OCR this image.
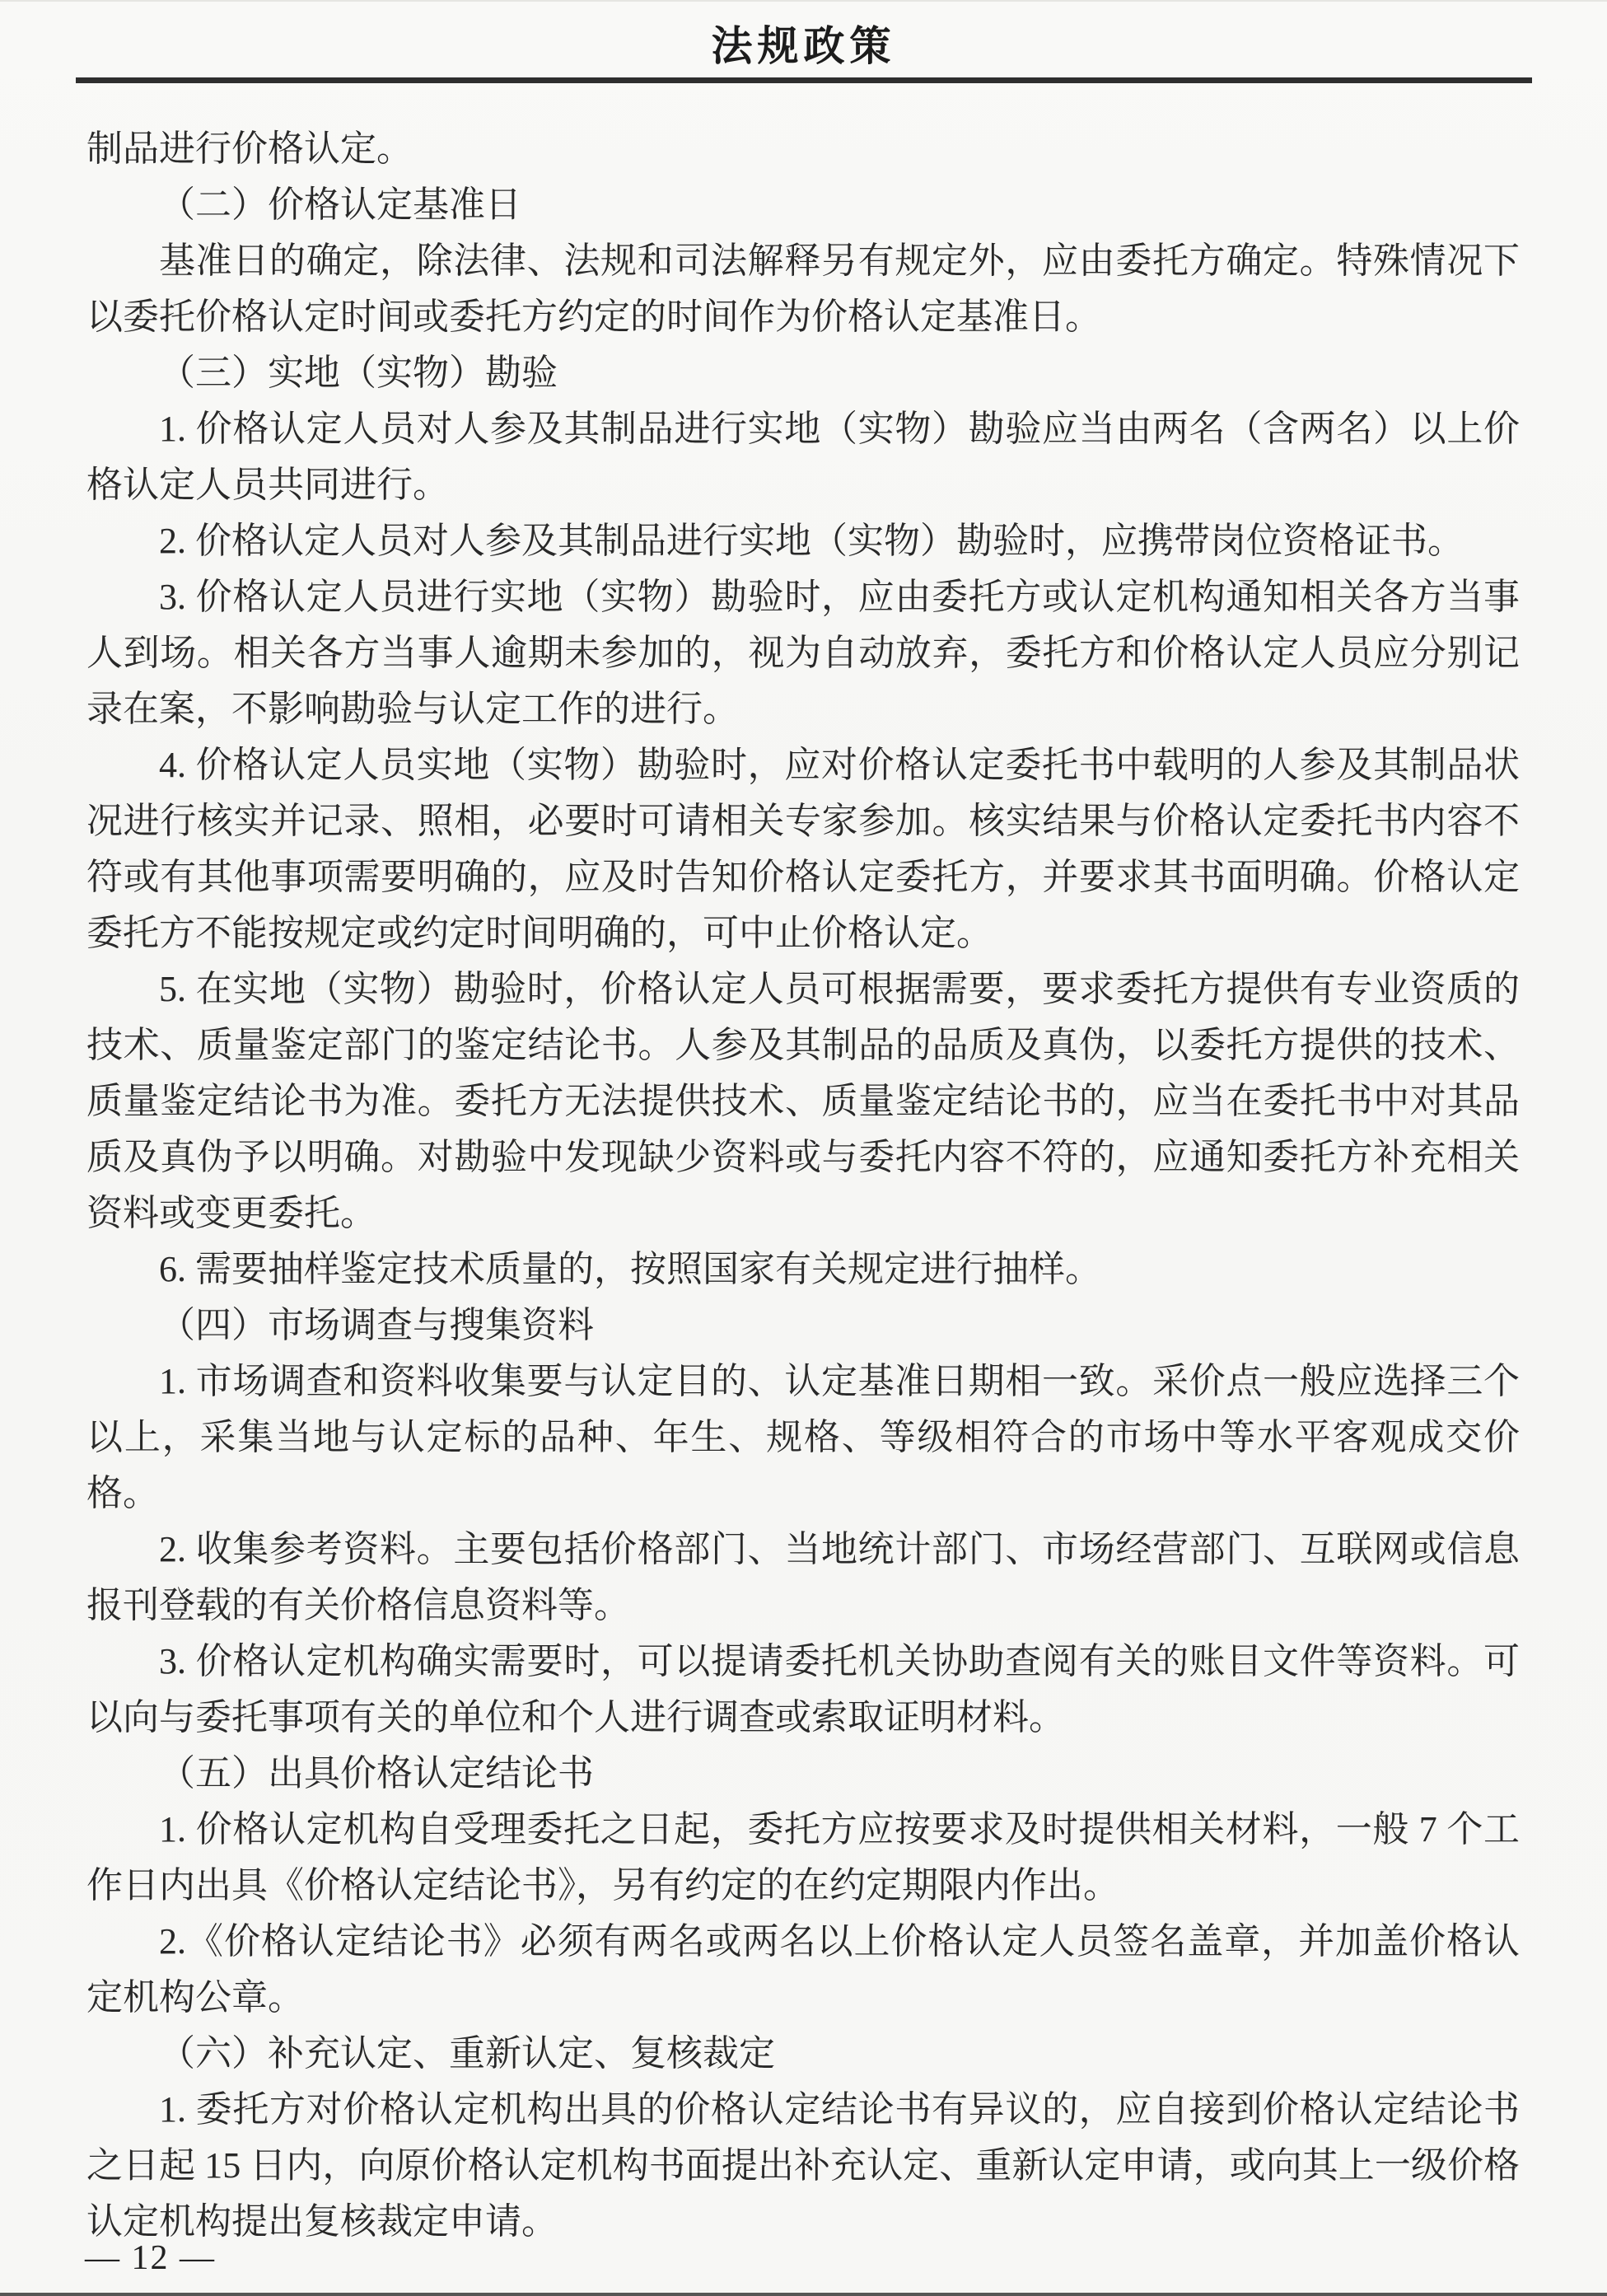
法规政策

制品进行价格认定。

（二）价格认定基准日

基准日的确定，除法律、法规和司法解释另有规定外，应由委托方确定。特殊情况下以委托价格认定时间或委托方约定的时间作为价格认定基准日。

（三）实地（实物）勘验

1. 价格认定人员对人参及其制品进行实地（实物）勘验应当由两名（含两名）以上价格认定人员共同进行。

2. 价格认定人员对人参及其制品进行实地（实物）勘验时，应携带岗位资格证书。

3. 价格认定人员进行实地（实物）勘验时，应由委托方或认定机构通知相关各方当事人到场。相关各方当事人逾期未参加的，视为自动放弃，委托方和价格认定人员应分别记录在案，不影响勘验与认定工作的进行。

4. 价格认定人员实地（实物）勘验时，应对价格认定委托书中载明的人参及其制品状况进行核实并记录、照相，必要时可请相关专家参加。核实结果与价格认定委托书内容不符或有其他事项需要明确的，应及时告知价格认定委托方，并要求其书面明确。价格认定委托方不能按规定或约定时间明确的，可中止价格认定。

5. 在实地（实物）勘验时，价格认定人员可根据需要，要求委托方提供有专业资质的技术、质量鉴定部门的鉴定结论书。人参及其制品的品质及真伪，以委托方提供的技术、质量鉴定结论书为准。委托方无法提供技术、质量鉴定结论书的，应当在委托书中对其品质及真伪予以明确。对勘验中发现缺少资料或与委托内容不符的，应通知委托方补充相关资料或变更委托。

6. 需要抽样鉴定技术质量的，按照国家有关规定进行抽样。

（四）市场调查与搜集资料

1. 市场调查和资料收集要与认定目的、认定基准日期相一致。采价点一般应选择三个以上，采集当地与认定标的品种、年生、规格、等级相符合的市场中等水平客观成交价格。

2. 收集参考资料。主要包括价格部门、当地统计部门、市场经营部门、互联网或信息报刊登载的有关价格信息资料等。

3. 价格认定机构确实需要时，可以提请委托机关协助查阅有关的账目文件等资料。可以向与委托事项有关的单位和个人进行调查或索取证明材料。

（五）出具价格认定结论书

1. 价格认定机构自受理委托之日起，委托方应按要求及时提供相关材料，一般 7 个工作日内出具《价格认定结论书》，另有约定的在约定期限内作出。

2.《价格认定结论书》必须有两名或两名以上价格认定人员签名盖章，并加盖价格认定机构公章。

（六）补充认定、重新认定、复核裁定

1. 委托方对价格认定机构出具的价格认定结论书有异议的，应自接到价格认定结论书之日起 15 日内，向原价格认定机构书面提出补充认定、重新认定申请，或向其上一级价格认定机构提出复核裁定申请。

— 12 —
